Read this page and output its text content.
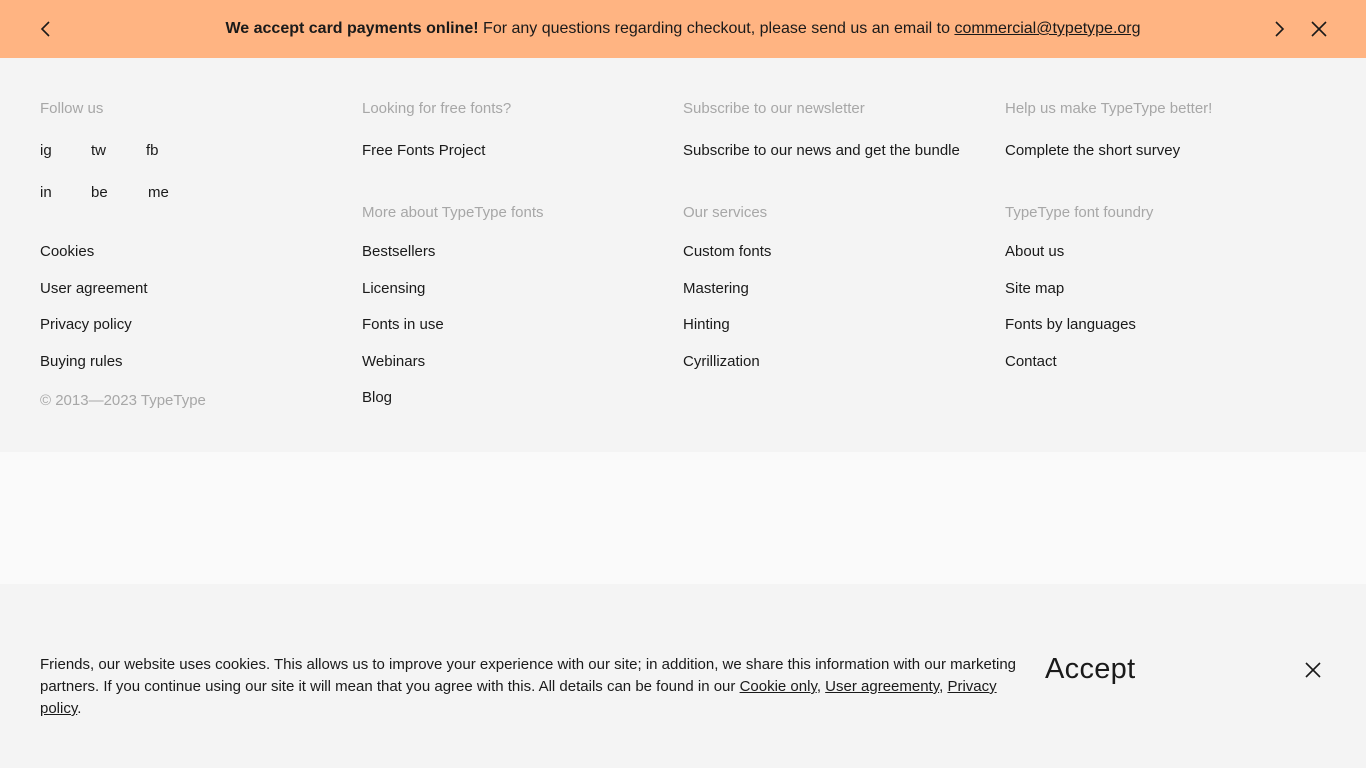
We accept card payments online! For any questions regarding checkout, please send us an email to commercial@typetype.org
Follow us
ig	tw	fb
in	be	me
Cookies
User agreement
Privacy policy
Buying rules
© 2013—2023 TypeType
Looking for free fonts?
Free Fonts Project
More about TypeType fonts
Bestsellers
Licensing
Fonts in use
Webinars
Blog
Subscribe to our newsletter
Subscribe to our news and get the bundle
Our services
Custom fonts
Mastering
Hinting
Cyrillization
Help us make TypeType better!
Complete the short survey
TypeType font foundry
About us
Site map
Fonts by languages
Contact
Friends, our website uses cookies. This allows us to improve your experience with our site; in addition, we share this information with our marketing partners. If you continue using our site it will mean that you agree with this. All details can be found in our Cookie only, User agreementy, Privacy policy.
Accept
